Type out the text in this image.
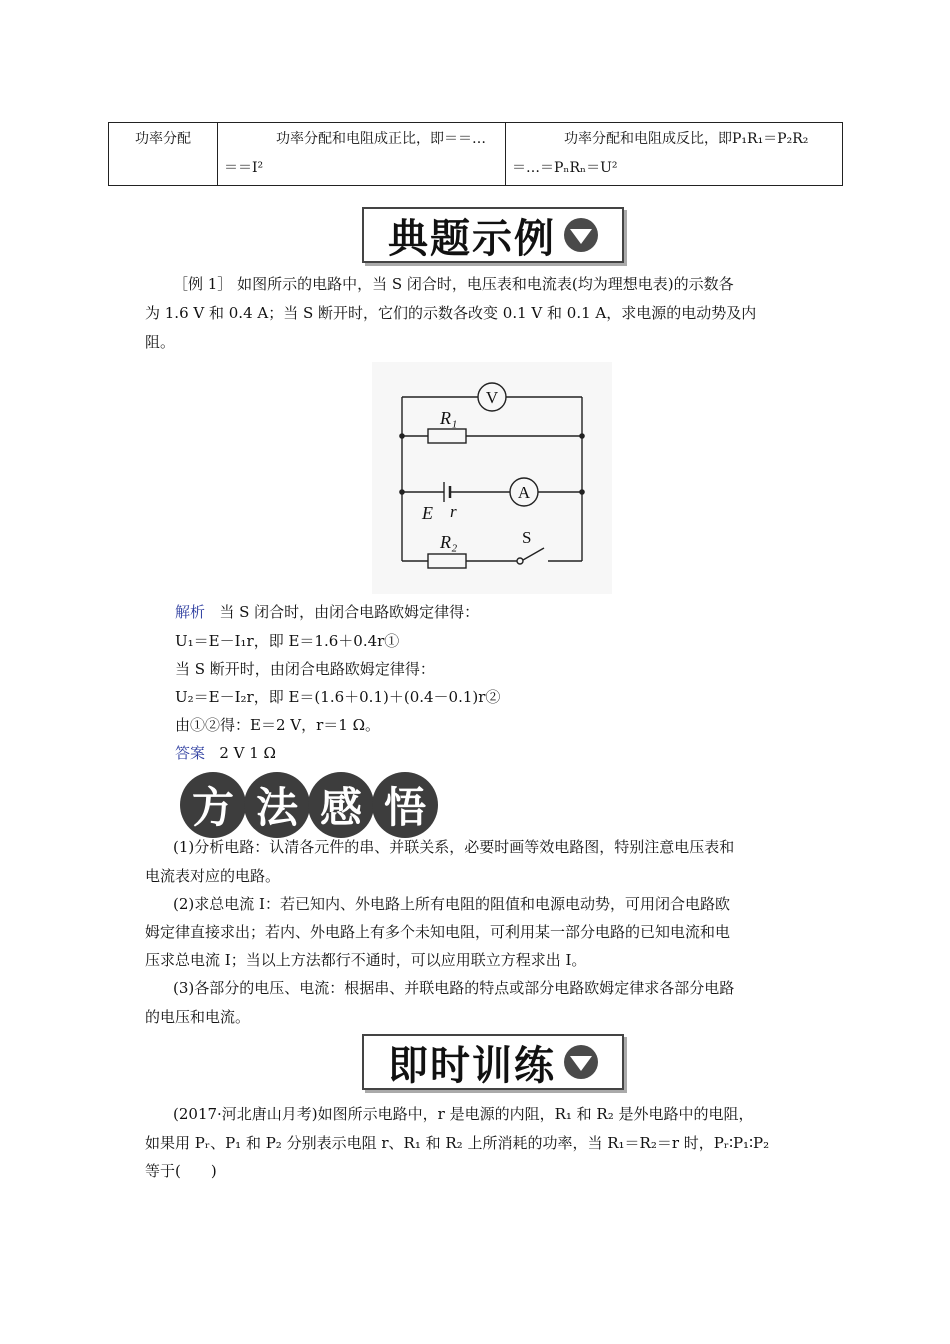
功率分配	功率分配和电阻成正比，即＝＝…＝＝I²	功率分配和电阻成反比，即P₁R₁＝P₂R₂＝…＝PₙRₙ＝U²
典题示例
［例 1］ 如图所示的电路中，当 S 闭合时，电压表和电流表(均为理想电表)的示数各
为 1.6 V 和 0.4 A；当 S 断开时，它们的示数各改变 0.1 V 和 0.1 A，求电源的电动势及内
阻。
V
A
R₁
R₂
E r
S
解析 当 S 闭合时，由闭合电路欧姆定律得：
U₁＝E－I₁r，即 E＝1.6＋0.4r①
当 S 断开时，由闭合电路欧姆定律得：
U₂＝E－I₂r，即 E＝(1.6＋0.1)＋(0.4－0.1)r②
由①②得：E＝2 V，r＝1 Ω。
答案 2 V 1 Ω
方 法 感 悟
(1)分析电路：认清各元件的串、并联关系，必要时画等效电路图，特别注意电压表和
电流表对应的电路。
(2)求总电流 I：若已知内、外电路上所有电阻的阻值和电源电动势，可用闭合电路欧
姆定律直接求出；若内、外电路上有多个未知电阻，可利用某一部分电路的已知电流和电
压求总电流 I；当以上方法都行不通时，可以应用联立方程求出 I。
(3)各部分的电压、电流：根据串、并联电路的特点或部分电路欧姆定律求各部分电路
的电压和电流。
即时训练
(2017·河北唐山月考)如图所示电路中，r 是电源的内阻，R₁ 和 R₂ 是外电路中的电阻，
如果用 Pᵣ、P₁ 和 P₂ 分别表示电阻 r、R₁ 和 R₂ 上所消耗的功率，当 R₁＝R₂＝r 时，Pᵣ∶P₁∶P₂
等于(　　)
